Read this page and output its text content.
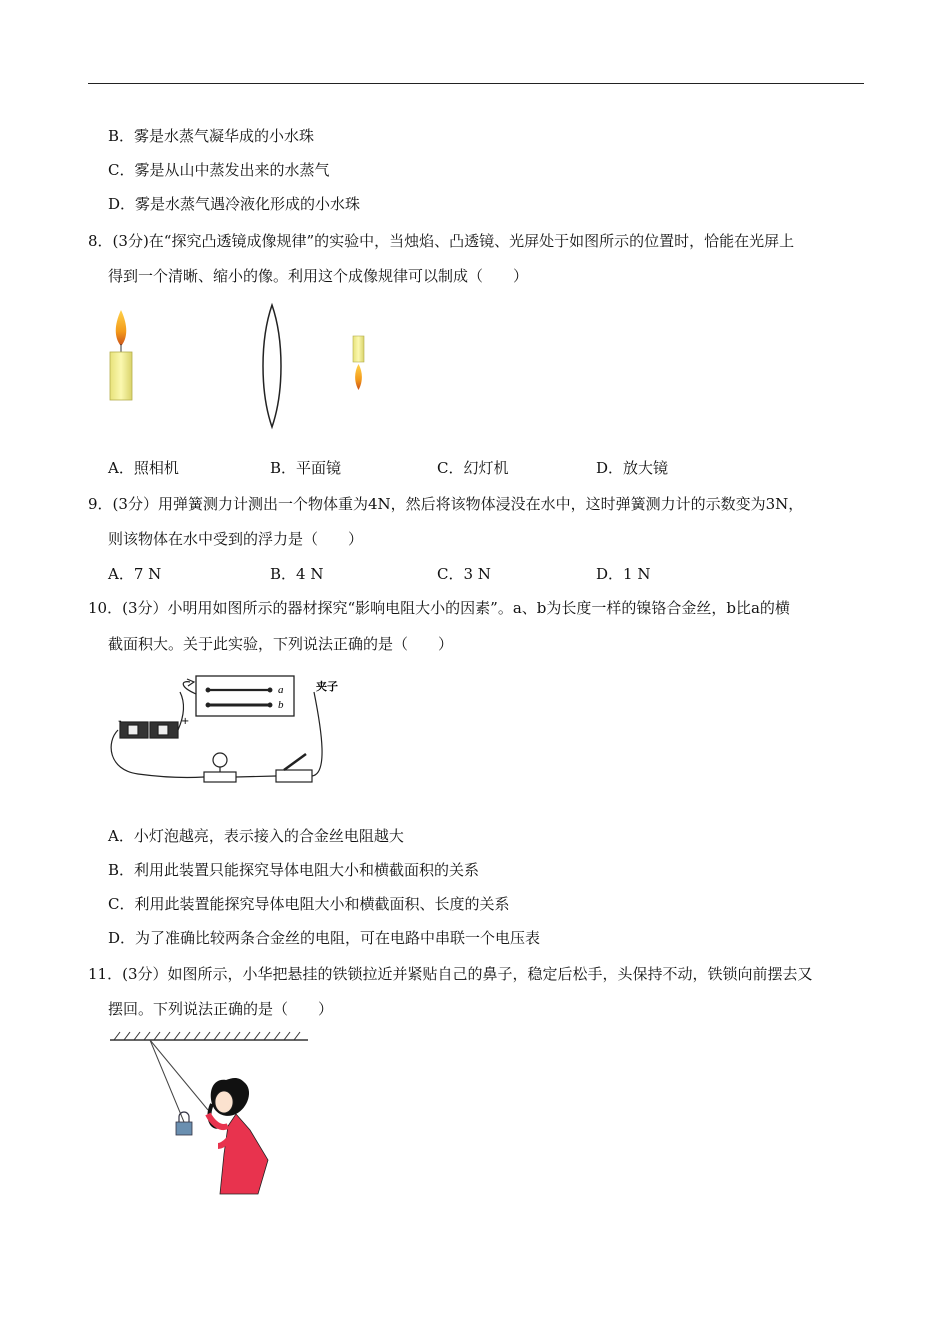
B．雾是水蒸气凝华成的小水珠
C．雾是从山中蒸发出来的水蒸气
D．雾是水蒸气遇冷液化形成的小水珠
8．(3分)在“探究凸透镜成像规律”的实验中，当烛焰、凸透镜、光屏处于如图所示的位置时，恰能在光屏上
得到一个清晰、缩小的像。利用这个成像规律可以制成（　　）
A．照相机	B．平面镜	C．幻灯机	D．放大镜
9．(3分）用弹簧测力计测出一个物体重为4N，然后将该物体浸没在水中，这时弹簧测力计的示数变为3N，
则该物体在水中受到的浮力是（　　）
A．7 N	B．4 N	C．3 N	D．1 N
10．(3分）小明用如图所示的器材探究“影响电阻大小的因素”。a、b为长度一样的镍铬合金丝，b比a的横
截面积大。关于此实验，下列说法正确的是（　　）
a
b
夹子
-	+
A．小灯泡越亮，表示接入的合金丝电阻越大
B．利用此装置只能探究导体电阻大小和横截面积的关系
C．利用此装置能探究导体电阻大小和横截面积、长度的关系
D．为了准确比较两条合金丝的电阻，可在电路中串联一个电压表
11．(3分）如图所示，小华把悬挂的铁锁拉近并紧贴自己的鼻子，稳定后松手，头保持不动，铁锁向前摆去又
摆回。下列说法正确的是（　　）
